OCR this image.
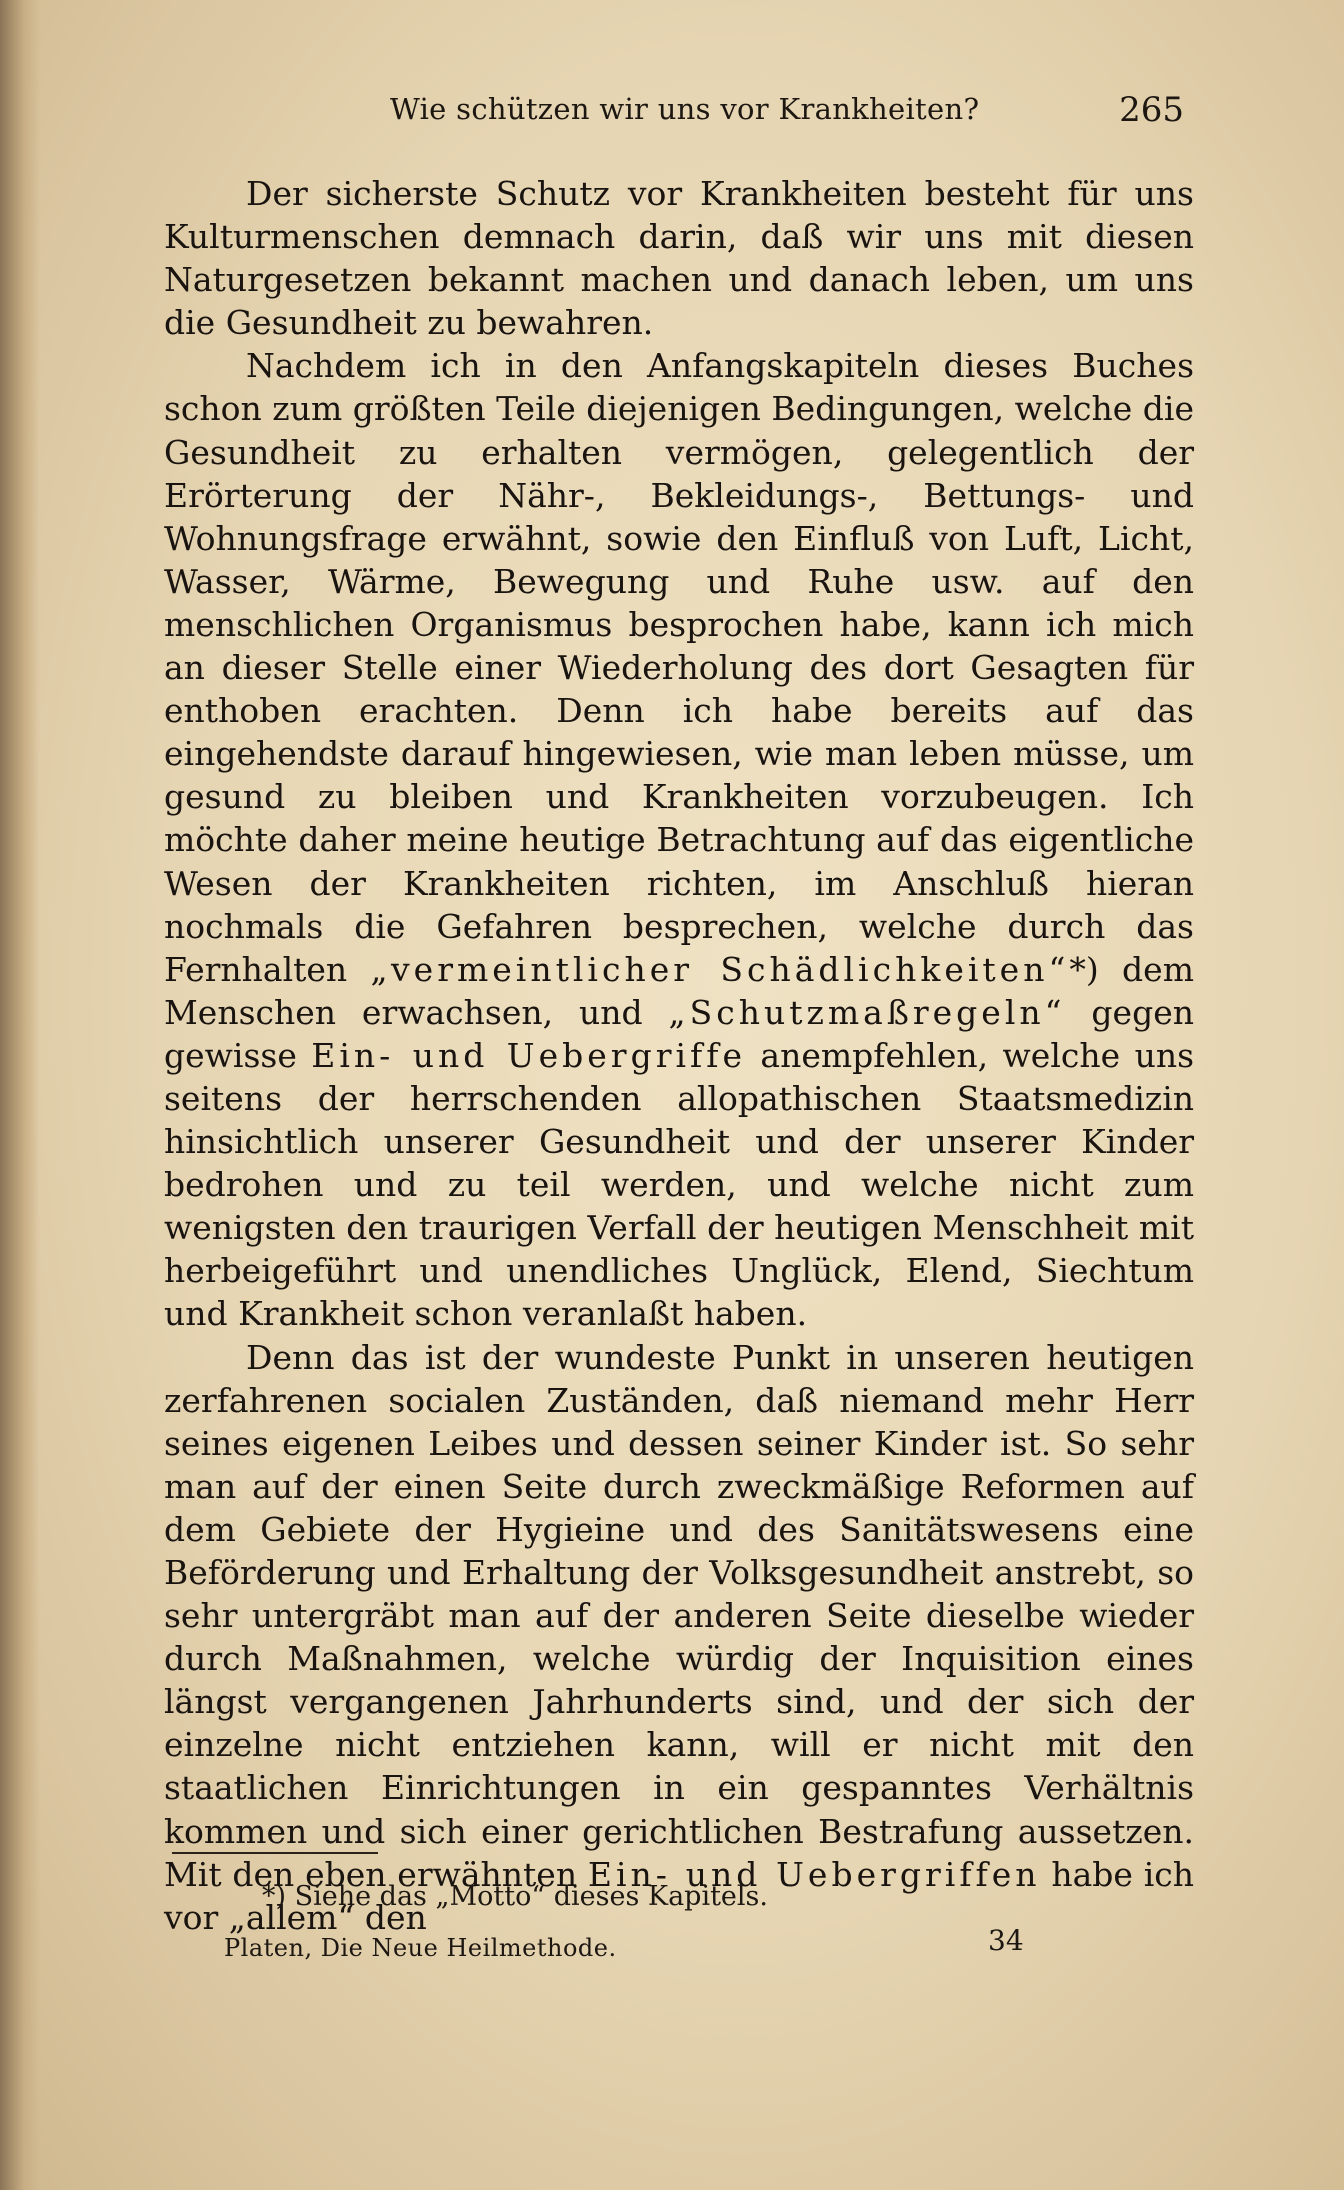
Wie schützen wir uns vor Krankheiten?	265

Der sicherste Schutz vor Krankheiten besteht für uns Kulturmenschen demnach darin, daß wir uns mit diesen Naturgesetzen bekannt machen und danach leben, um uns die Gesundheit zu bewahren.

Nachdem ich in den Anfangskapiteln dieses Buches schon zum größten Teile diejenigen Bedingungen, welche die Gesundheit zu erhalten vermögen, gelegentlich der Erörterung der Nähr-, Bekleidungs-, Bettungs- und Wohnungsfrage erwähnt, sowie den Einfluß von Luft, Licht, Wasser, Wärme, Bewegung und Ruhe usw. auf den menschlichen Organismus besprochen habe, kann ich mich an dieser Stelle einer Wiederholung des dort Gesagten für enthoben erachten. Denn ich habe bereits auf das eingehendste darauf hingewiesen, wie man leben müsse, um gesund zu bleiben und Krankheiten vorzubeugen. Ich möchte daher meine heutige Betrachtung auf das eigentliche Wesen der Krankheiten richten, im Anschluß hieran nochmals die Gefahren besprechen, welche durch das Fernhalten „vermeintlicher Schädlichkeiten“*) dem Menschen erwachsen, und „Schutzmaßregeln“ gegen gewisse Ein- und Uebergriffe anempfehlen, welche uns seitens der herrschenden allopathischen Staatsmedizin hinsichtlich unserer Gesundheit und der unserer Kinder bedrohen und zu teil werden, und welche nicht zum wenigsten den traurigen Verfall der heutigen Menschheit mit herbeigeführt und unendliches Unglück, Elend, Siechtum und Krankheit schon veranlaßt haben.

Denn das ist der wundeste Punkt in unseren heutigen zerfahrenen socialen Zuständen, daß niemand mehr Herr seines eigenen Leibes und dessen seiner Kinder ist. So sehr man auf der einen Seite durch zweckmäßige Reformen auf dem Gebiete der Hygieine und des Sanitätswesens eine Beförderung und Erhaltung der Volksgesundheit anstrebt, so sehr untergräbt man auf der anderen Seite dieselbe wieder durch Maßnahmen, welche würdig der Inquisition eines längst vergangenen Jahrhunderts sind, und der sich der einzelne nicht entziehen kann, will er nicht mit den staatlichen Einrichtungen in ein gespanntes Verhältnis kommen und sich einer gerichtlichen Bestrafung aussetzen. Mit den eben erwähnten Ein- und Uebergriffen habe ich vor „allem“ den

*) Siehe das „Motto“ dieses Kapitels.
Platen, Die Neue Heilmethode.	34
